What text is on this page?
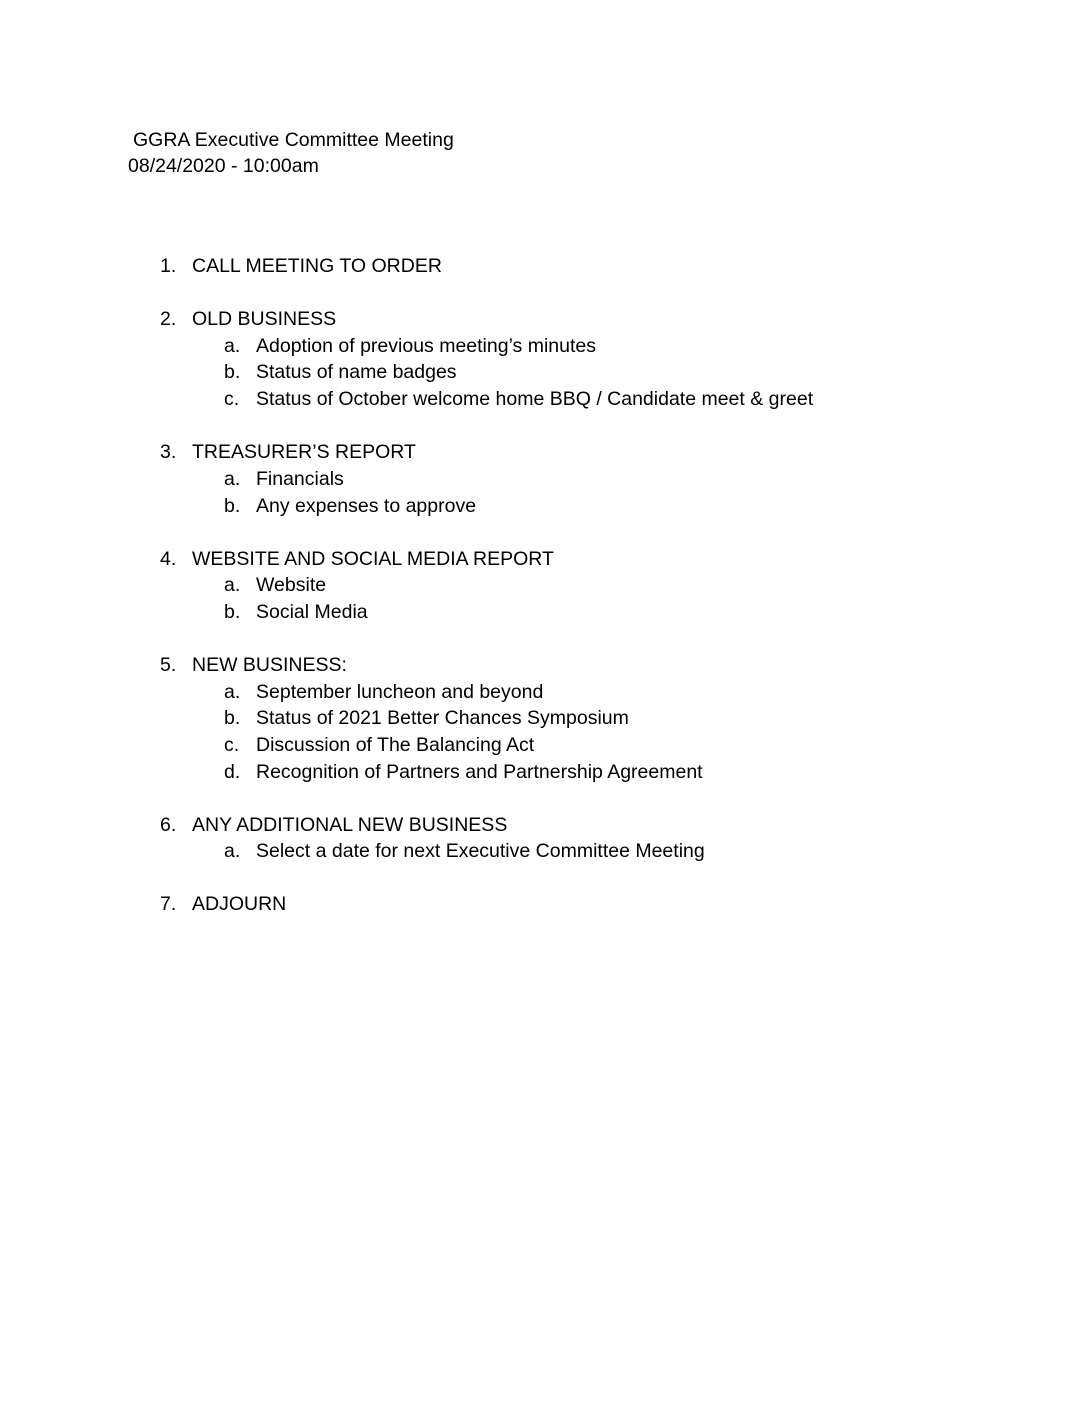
GGRA Executive Committee Meeting
08/24/2020 - 10:00am
1. CALL MEETING TO ORDER
2. OLD BUSINESS
a. Adoption of previous meeting’s minutes
b. Status of name badges
c. Status of October welcome home BBQ / Candidate meet & greet
3. TREASURER’S REPORT
a. Financials
b. Any expenses to approve
4. WEBSITE AND SOCIAL MEDIA REPORT
a. Website
b. Social Media
5. NEW BUSINESS:
a. September luncheon and beyond
b. Status of 2021 Better Chances Symposium
c. Discussion of The Balancing Act
d. Recognition of Partners and Partnership Agreement
6. ANY ADDITIONAL NEW BUSINESS
a. Select a date for next Executive Committee Meeting
7. ADJOURN
